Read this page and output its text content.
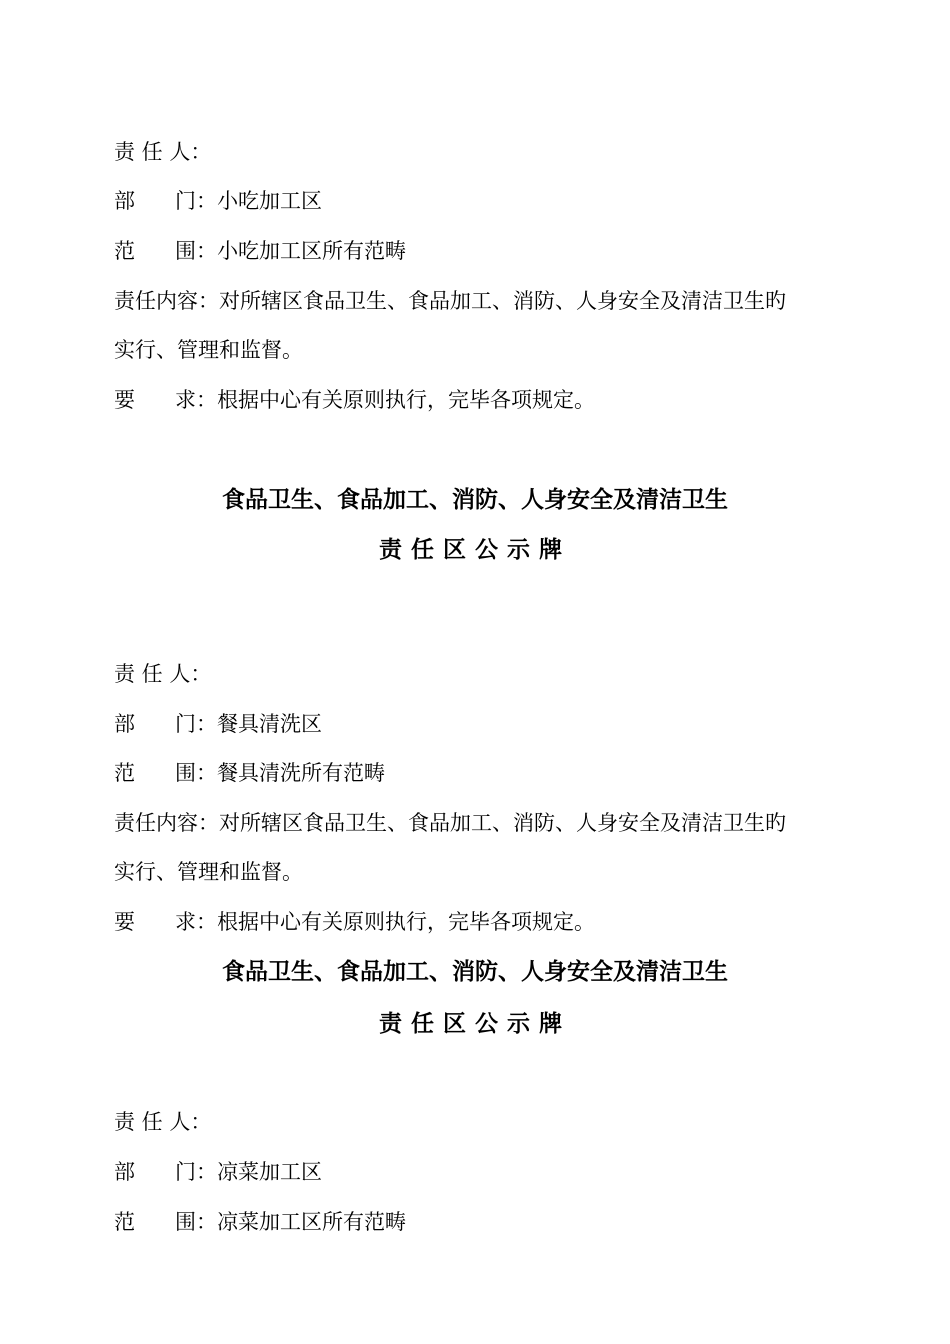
责 任 人：
部      门：小吃加工区
范      围：小吃加工区所有范畴
责任内容：对所辖区食品卫生、食品加工、消防、人身安全及清洁卫生旳
实行、管理和监督。
要      求：根据中心有关原则执行，完毕各项规定。
食品卫生、食品加工、消防、人身安全及清洁卫生
责任区公示牌
责 任 人：
部      门：餐具清洗区
范      围：餐具清洗所有范畴
责任内容：对所辖区食品卫生、食品加工、消防、人身安全及清洁卫生旳
实行、管理和监督。
要      求：根据中心有关原则执行，完毕各项规定。
食品卫生、食品加工、消防、人身安全及清洁卫生
责任区公示牌
责 任 人：
部      门：凉菜加工区
范      围：凉菜加工区所有范畴
